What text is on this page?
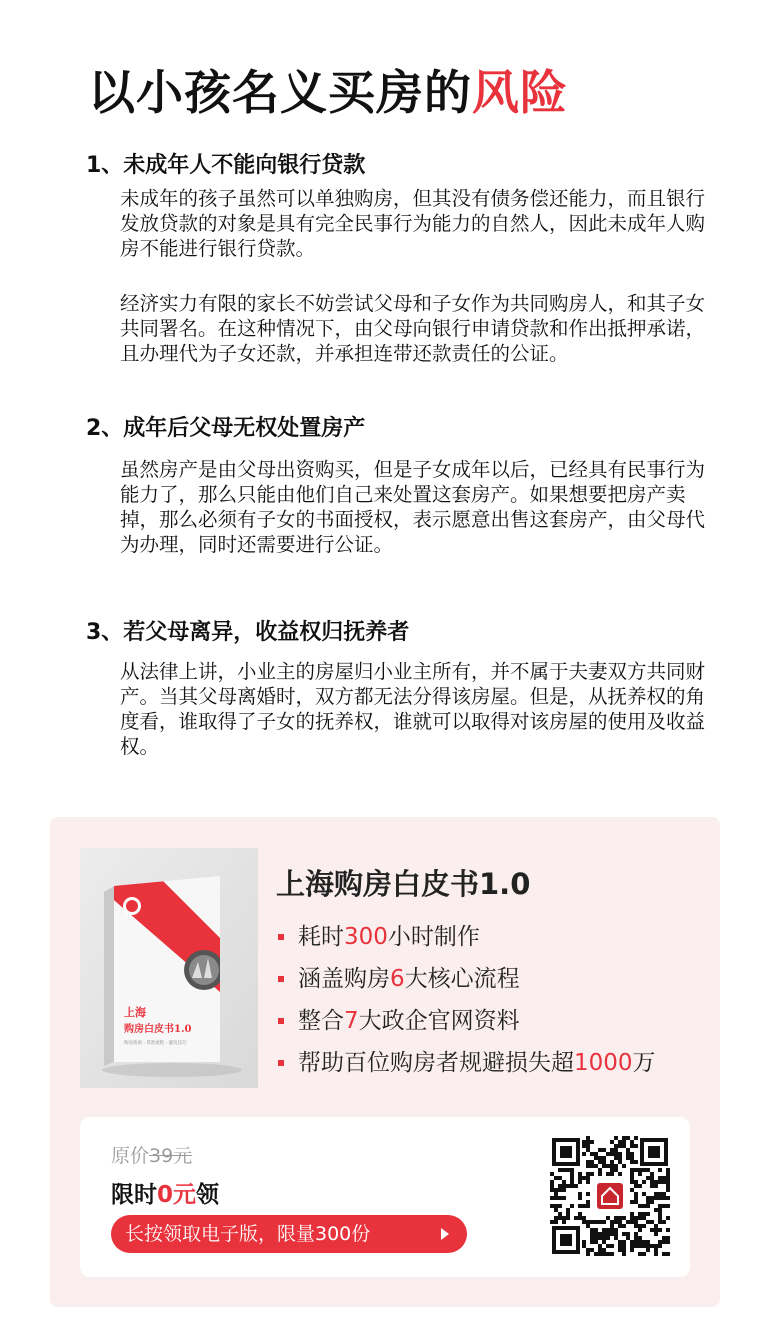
以小孩名义买房的风险
1、未成年人不能向银行贷款

未成年的孩子虽然可以单独购房，但其没有债务偿还能力，而且银行发放贷款的对象是具有完全民事行为能力的自然人，因此未成年人购房不能进行银行贷款。

经济实力有限的家长不妨尝试父母和子女作为共同购房人，和其子女共同署名。在这种情况下，由父母向银行申请贷款和作出抵押承诺，且办理代为子女还款，并承担连带还款责任的公证。

2、成年后父母无权处置房产

虽然房产是由父母出资购买，但是子女成年以后，已经具有民事行为能力了，那么只能由他们自己来处置这套房产。如果想要把房产卖掉，那么必须有子女的书面授权，表示愿意出售这套房产，由父母代为办理，同时还需要进行公证。

3、若父母离异，收益权归抚养者

从法律上讲，小业主的房屋归小业主所有，并不属于夫妻双方共同财产。当其父母离婚时，双方都无法分得该房屋。但是，从抚养权的角度看，谁取得了子女的抚养权，谁就可以取得对该房屋的使用及收益权。

上海
购房白皮书1.0
购房指南 · 贷款流程 · 避坑技巧
上海购房白皮书1.0
耗时300小时制作
涵盖购房6大核心流程
整合7大政企官网资料
帮助百位购房者规避损失超1000万
原价39元
限时0元领
长按领取电子版，限量300份
